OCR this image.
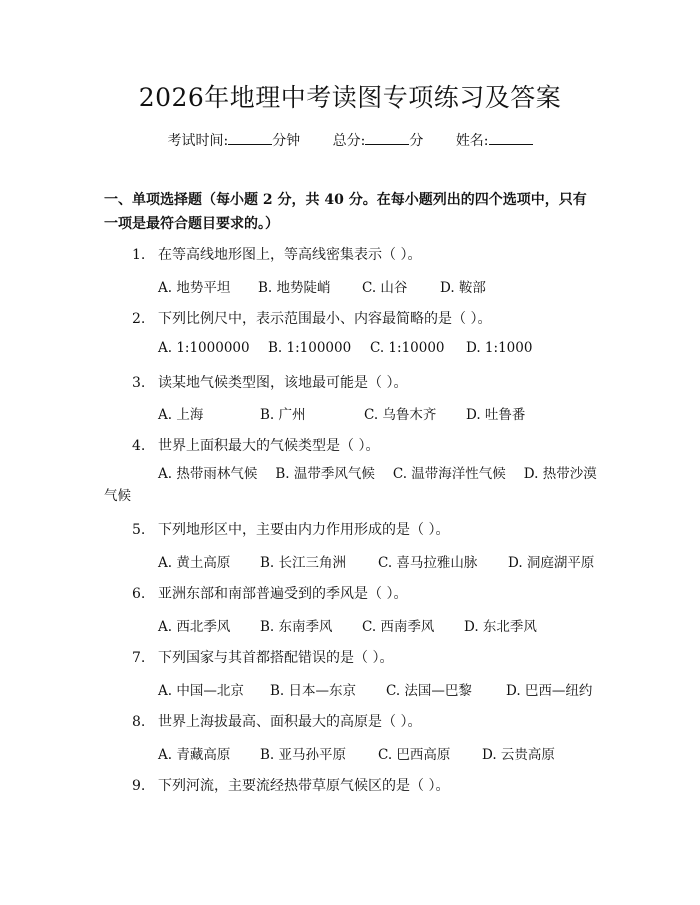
2026年地理中考读图专项练习及答案
考试时间:	分钟 总分:	分 姓名:
一、单项选择题（每小题 2 分，共 40 分。在每小题列出的四个选项中，只有一项是最符合题目要求的。）
1. 在等高线地形图上，等高线密集表示（ ）。
A. 地势平坦 B. 地势陡峭 C. 山谷 D. 鞍部
2. 下列比例尺中，表示范围最小、内容最简略的是（ ）。
A. 1:1000000 B. 1:100000 C. 1:10000 D. 1:1000
3. 读某地气候类型图，该地最可能是（ ）。
A. 上海	B. 广州	C. 乌鲁木齐 D. 吐鲁番
4. 世界上面积最大的气候类型是（ ）。
A. 热带雨林气候 B. 温带季风气候 C. 温带海洋性气候 D. 热带沙漠气候
5. 下列地形区中，主要由内力作用形成的是（ ）。
A. 黄土高原 B. 长江三角洲 C. 喜马拉雅山脉 D. 洞庭湖平原
6. 亚洲东部和南部普遍受到的季风是（ ）。
A. 西北季风 B. 东南季风 C. 西南季风 D. 东北季风
7. 下列国家与其首都搭配错误的是（ ）。
A. 中国—北京 B. 日本—东京 C. 法国—巴黎	D. 巴西—纽约
8. 世界上海拔最高、面积最大的高原是（ ）。
A. 青藏高原 B. 亚马孙平原 C. 巴西高原 D. 云贵高原
9. 下列河流，主要流经热带草原气候区的是（ ）。
